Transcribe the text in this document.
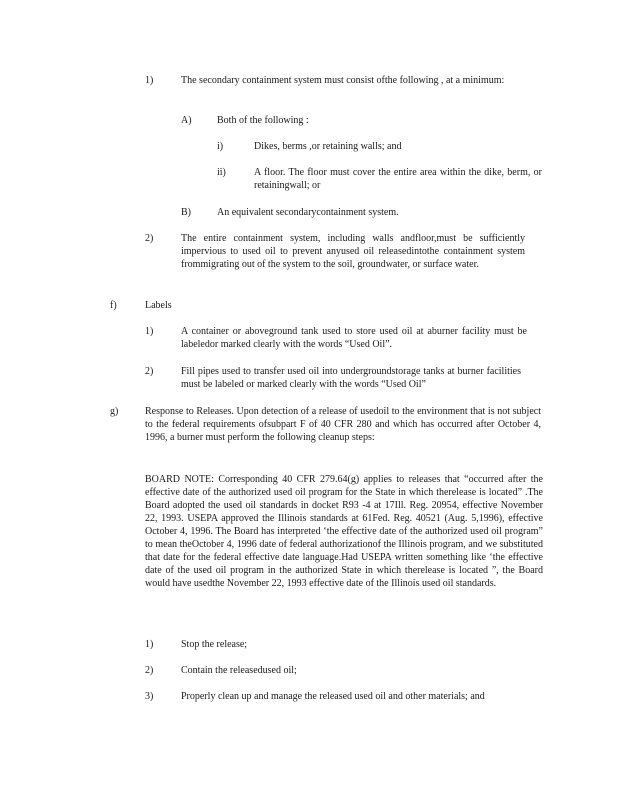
1)	The secondary containment system must consist ofthe following , at a minimum:
A)	Both of the following :
i)	Dikes, berms ,or retaining walls; and
ii)	A floor. The floor must cover the entire area within the dike, berm, or retainingwall; or
B)	An equivalent secondarycontainment system.
2)	The entire containment system, including walls andfloor,must be sufficiently impervious to used oil to prevent anyused oil releasedintothe containment system frommigrating out of the system to the soil, groundwater, or surface water.
f)	Labels
1)	A container or aboveground tank used to store used oil at aburner facility must be labeledor marked clearly with the words “Used Oil”.
2)	Fill pipes used to transfer used oil into undergroundstorage tanks at burner facilities must be labeled or marked clearly with the words “Used Oil”
g)	Response to Releases. Upon detection of a release of usedoil to the environment that is not subject to the federal requirements ofsubpart F of 40 CFR 280 and which has occurred after October 4, 1996, a burner must perform the following cleanup steps:
BOARD NOTE: Corresponding 40 CFR 279.64(g) applies to releases that “occurred after the effective date of the authorized used oil program for the State in which therelease is located” .The Board adopted the used oil standards in docket R93 -4 at 17Ill. Reg. 20954, effective November 22, 1993. USEPA approved the Illinois standards at 61Fed. Reg. 40521 (Aug. 5,1996), effective October 4, 1996. The Board has interpreted ‘the effective date of the authorized used oil program” to mean theOctober 4, 1996 date of federal authorizationof the Illinois program, and we substituted that date for the federal effective date language.Had USEPA written something like ‘the effective date of the used oil program in the authorized State in which therelease is located ”, the Board would have usedthe November 22, 1993 effective date of the Illinois used oil standards.
1)	Stop the release;
2)	Contain the releasedused oil;
3)	Properly clean up and manage the released used oil and other materials; and
